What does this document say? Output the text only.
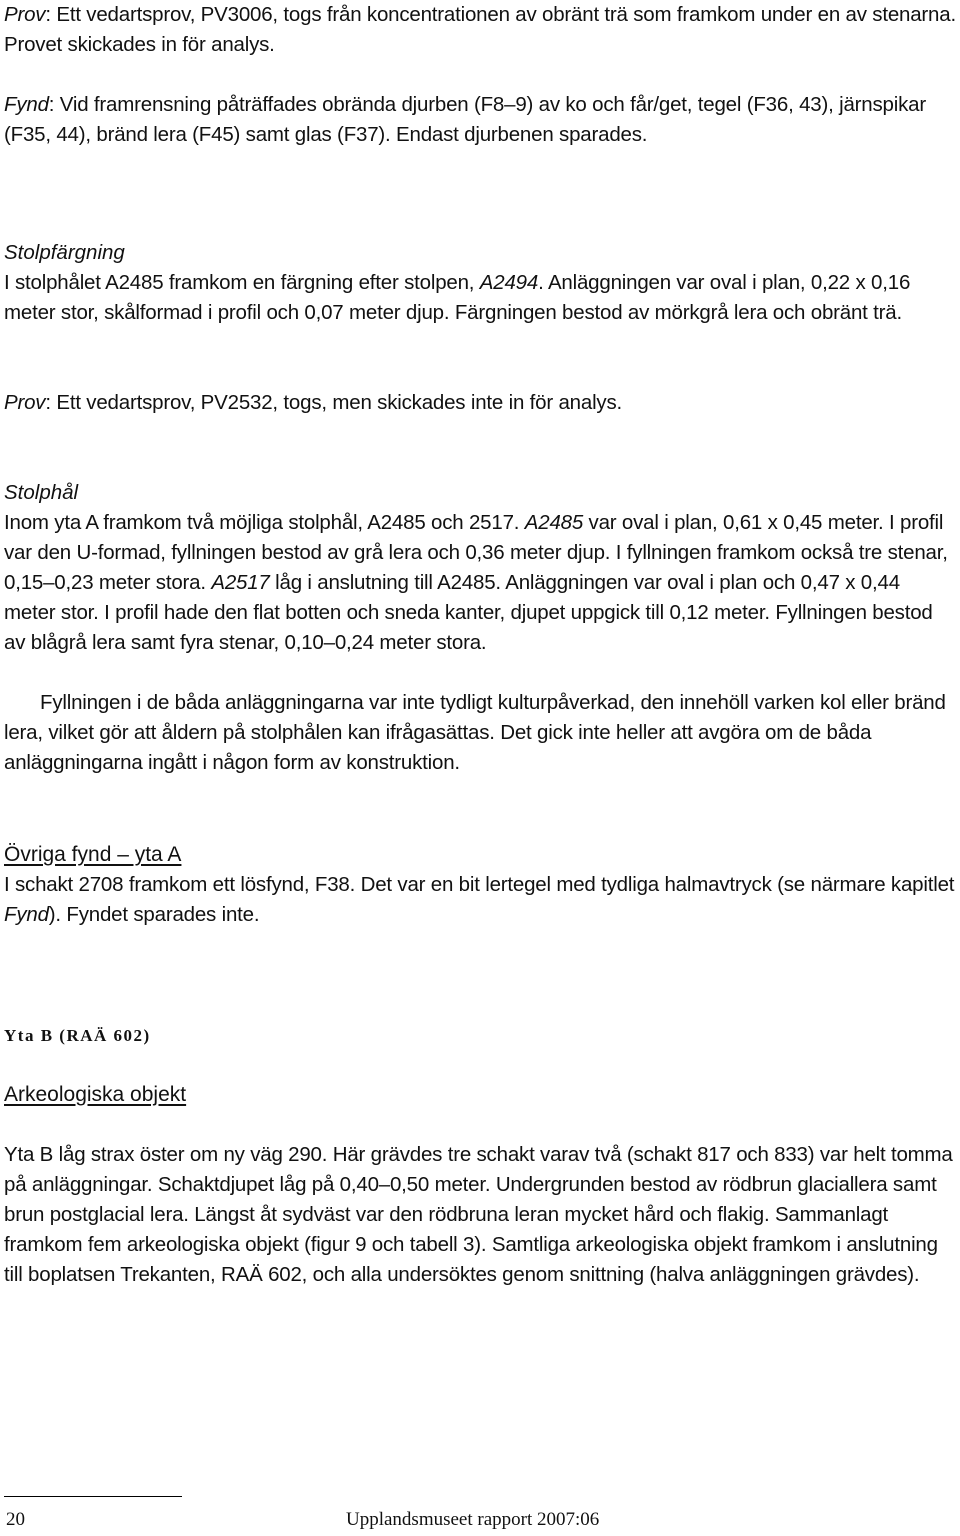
Prov: Ett vedartsprov, PV3006, togs från koncentrationen av obränt trä som framkom under en av stenarna. Provet skickades in för analys.

Fynd: Vid framrensning påträffades obrända djurben (F8–9) av ko och får/get, tegel (F36, 43), järnspikar (F35, 44), bränd lera (F45) samt glas (F37). Endast djurbenen sparades.

Stolpfärgning

I stolphålet A2485 framkom en färgning efter stolpen, A2494. Anläggningen var oval i plan, 0,22 x 0,16 meter stor, skålformad i profil och 0,07 meter djup. Färgningen bestod av mörkgrå lera och obränt trä.

Prov: Ett vedartsprov, PV2532, togs, men skickades inte in för analys.

Stolphål

Inom yta A framkom två möjliga stolphål, A2485 och 2517. A2485 var oval i plan, 0,61 x 0,45 meter. I profil var den U-formad, fyllningen bestod av grå lera och 0,36 meter djup. I fyllningen framkom också tre stenar, 0,15–0,23 meter stora. A2517 låg i anslutning till A2485. Anläggningen var oval i plan och 0,47 x 0,44 meter stor. I profil hade den flat botten och sneda kanter, djupet uppgick till 0,12 meter. Fyllningen bestod av blågrå lera samt fyra stenar, 0,10–0,24 meter stora.

Fyllningen i de båda anläggningarna var inte tydligt kulturpåverkad, den innehöll varken kol eller bränd lera, vilket gör att åldern på stolphålen kan ifrågasättas. Det gick inte heller att avgöra om de båda anläggningarna ingått i någon form av konstruktion.

Övriga fynd – yta A

I schakt 2708 framkom ett lösfynd, F38. Det var en bit lertegel med tydliga halmavtryck (se närmare kapitlet Fynd). Fyndet sparades inte.

Yta B (RAÄ 602)
Arkeologiska objekt

Yta B låg strax öster om ny väg 290. Här grävdes tre schakt varav två (schakt 817 och 833) var helt tomma på anläggningar. Schaktdjupet låg på 0,40–0,50 meter. Undergrunden bestod av rödbrun glaciallera samt brun postglacial lera. Längst åt sydväst var den rödbruna leran mycket hård och flakig. Sammanlagt framkom fem arkeologiska objekt (figur 9 och tabell 3). Samtliga arkeologiska objekt framkom i anslutning till boplatsen Trekanten, RAÄ 602, och alla undersöktes genom snittning (halva anläggningen grävdes).

20	Upplandsmuseet rapport 2007:06
